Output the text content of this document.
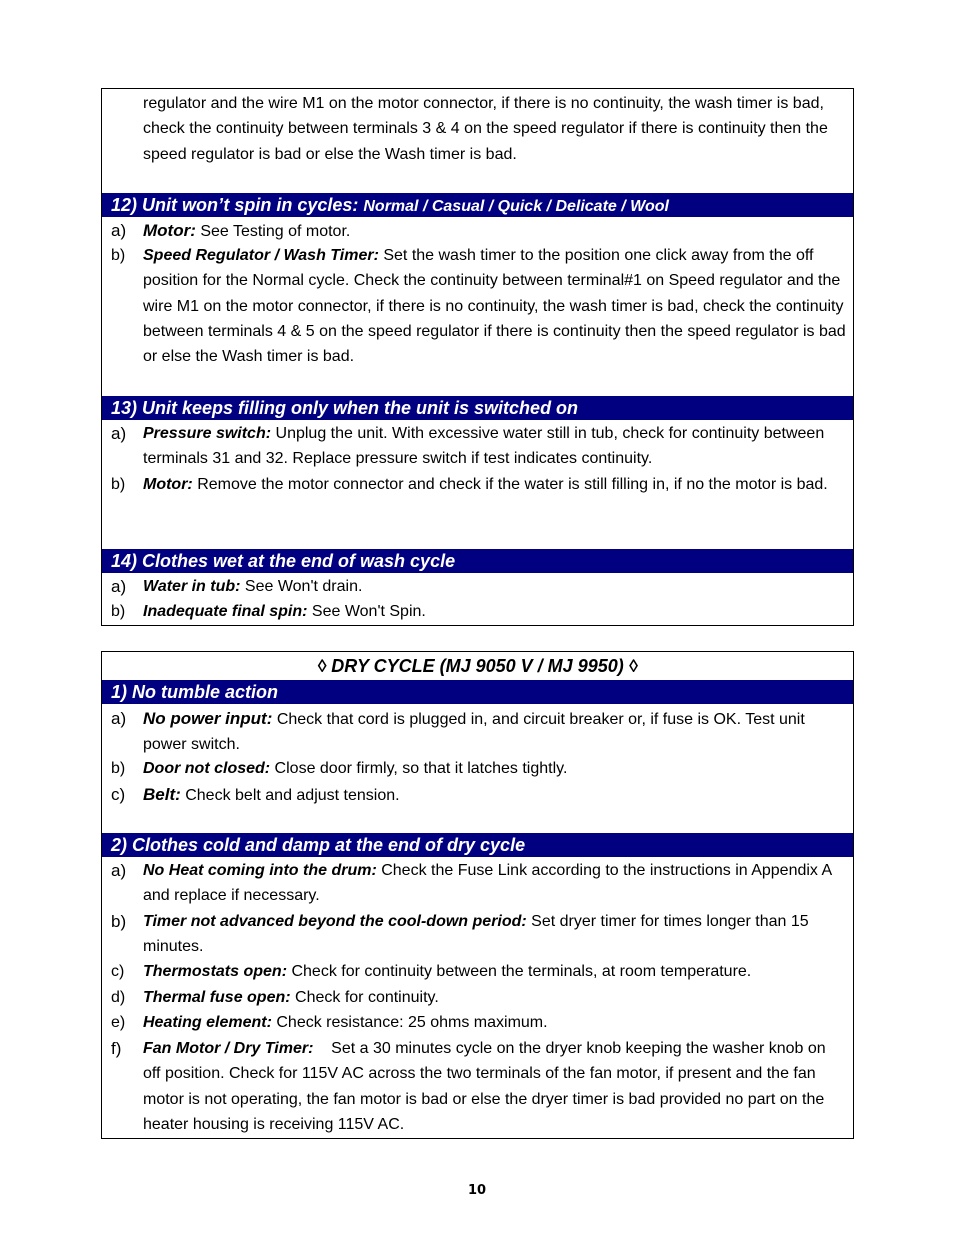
regulator and the wire M1 on the motor connector, if there is no continuity, the wash timer is bad, check the continuity between terminals 3 & 4 on the speed regulator if there is continuity then the speed regulator is bad or else the Wash timer is bad.

12) Unit won’t spin in cycles: Normal / Casual / Quick / Delicate / Wool
a) Motor: See Testing of motor.

b) Speed Regulator / Wash Timer: Set the wash timer to the position one click away from the off position for the Normal cycle. Check the continuity between terminal#1 on Speed regulator and the wire M1 on the motor connector, if there is no continuity, the wash timer is bad, check the continuity between terminals 4 & 5 on the speed regulator if there is continuity then the speed regulator is bad or else the Wash timer is bad.

13) Unit keeps filling only when the unit is switched on
a) Pressure switch: Unplug the unit. With excessive water still in tub, check for continuity between terminals 31 and 32. Replace pressure switch if test indicates continuity.

b) Motor: Remove the motor connector and check if the water is still filling in, if no the motor is bad.

14) Clothes wet at the end of wash cycle
a) Water in tub: See Won't drain.

b) Inadequate final spin: See Won't Spin.

◊ DRY CYCLE (MJ 9050 V / MJ 9950) ◊
1) No tumble action
a) No power input: Check that cord is plugged in, and circuit breaker or, if fuse is OK. Test unit power switch.

b) Door not closed: Close door firmly, so that it latches tightly.

c) Belt: Check belt and adjust tension.

2) Clothes cold and damp at the end of dry cycle
a) No Heat coming into the drum: Check the Fuse Link according to the instructions in Appendix A and replace if necessary.

b) Timer not advanced beyond the cool-down period: Set dryer timer for times longer than 15 minutes.

c) Thermostats open: Check for continuity between the terminals, at room temperature.

d) Thermal fuse open: Check for continuity.

e) Heating element: Check resistance: 25 ohms maximum.

f) Fan Motor / Dry Timer:    Set a 30 minutes cycle on the dryer knob keeping the washer knob on off position. Check for 115V AC across the two terminals of the fan motor, if present and the fan motor is not operating, the fan motor is bad or else the dryer timer is bad provided no part on the heater housing is receiving 115V AC.

10
